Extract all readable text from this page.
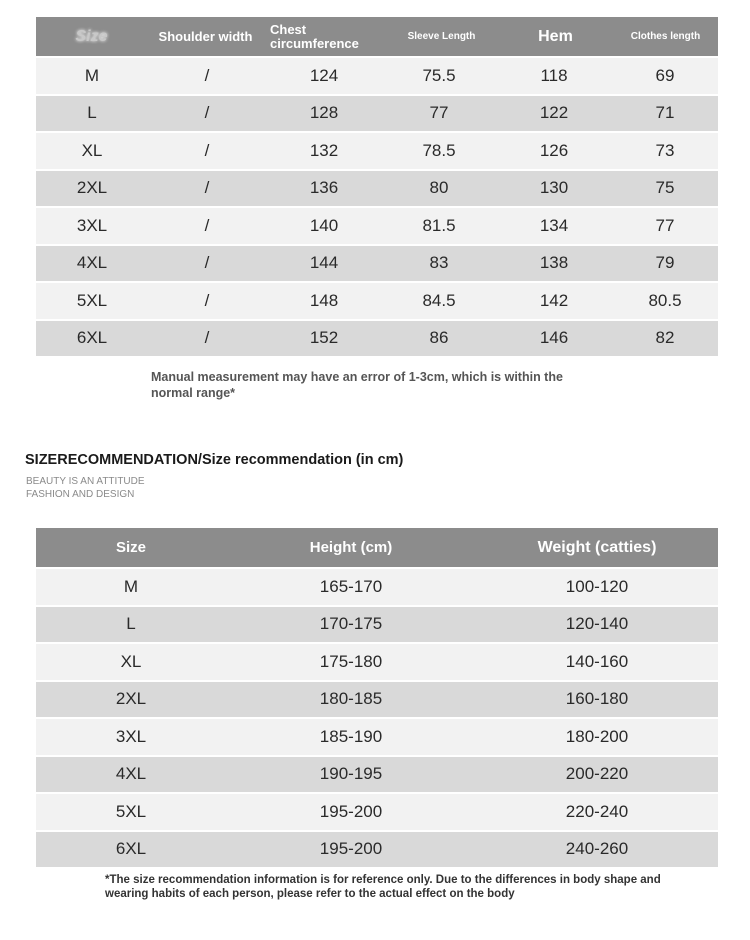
Size	Shoulder width	Chest circumference	Sleeve Length	Hem	Clothes length
M	/	124	75.5	118	69
L	/	128	77	122	71
XL	/	132	78.5	126	73
2XL	/	136	80	130	75
3XL	/	140	81.5	134	77
4XL	/	144	83	138	79
5XL	/	148	84.5	142	80.5
6XL	/	152	86	146	82
Manual measurement may have an error of 1-3cm, which is within the normal range*
SIZERECOMMENDATION/Size recommendation (in cm)
BEAUTY IS AN ATTITUDE
FASHION AND DESIGN
Size	Height (cm)	Weight (catties)
M	165-170	100-120
L	170-175	120-140
XL	175-180	140-160
2XL	180-185	160-180
3XL	185-190	180-200
4XL	190-195	200-220
5XL	195-200	220-240
6XL	195-200	240-260
*The size recommendation information is for reference only. Due to the differences in body shape and wearing habits of each person, please refer to the actual effect on the body
